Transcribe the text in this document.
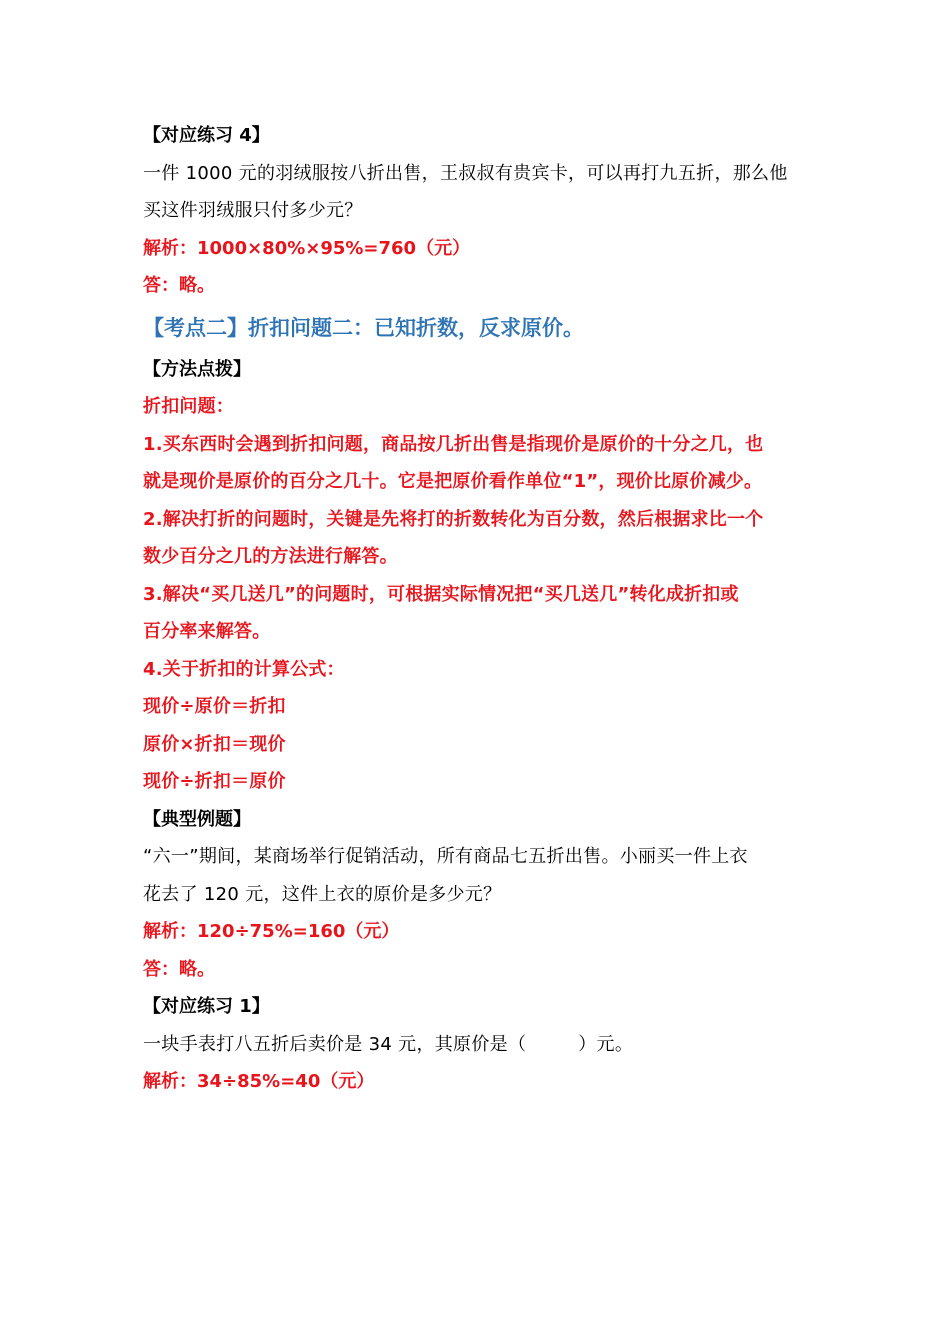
【对应练习 4】

一件 1000 元的羽绒服按八折出售，王叔叔有贵宾卡，可以再打九五折，那么他

买这件羽绒服只付多少元？

解析：1000×80%×95%=760（元）

答：略。

【考点二】折扣问题二：已知折数，反求原价。

【方法点拨】

折扣问题：

1.买东西时会遇到折扣问题，商品按几折出售是指现价是原价的十分之几，也

就是现价是原价的百分之几十。它是把原价看作单位“1”，现价比原价减少。

2.解决打折的问题时，关键是先将打的折数转化为百分数，然后根据求比一个

数少百分之几的方法进行解答。

3.解决“买几送几”的问题时，可根据实际情况把“买几送几”转化成折扣或

百分率来解答。

4.关于折扣的计算公式：

现价÷原价＝折扣

原价×折扣＝现价

现价÷折扣＝原价

【典型例题】

“六一”期间，某商场举行促销活动，所有商品七五折出售。小丽买一件上衣

花去了 120 元，这件上衣的原价是多少元？

解析：120÷75%=160（元）

答：略。

【对应练习 1】

一块手表打八五折后卖价是 34 元，其原价是（	）元。

解析：34÷85%=40（元）
